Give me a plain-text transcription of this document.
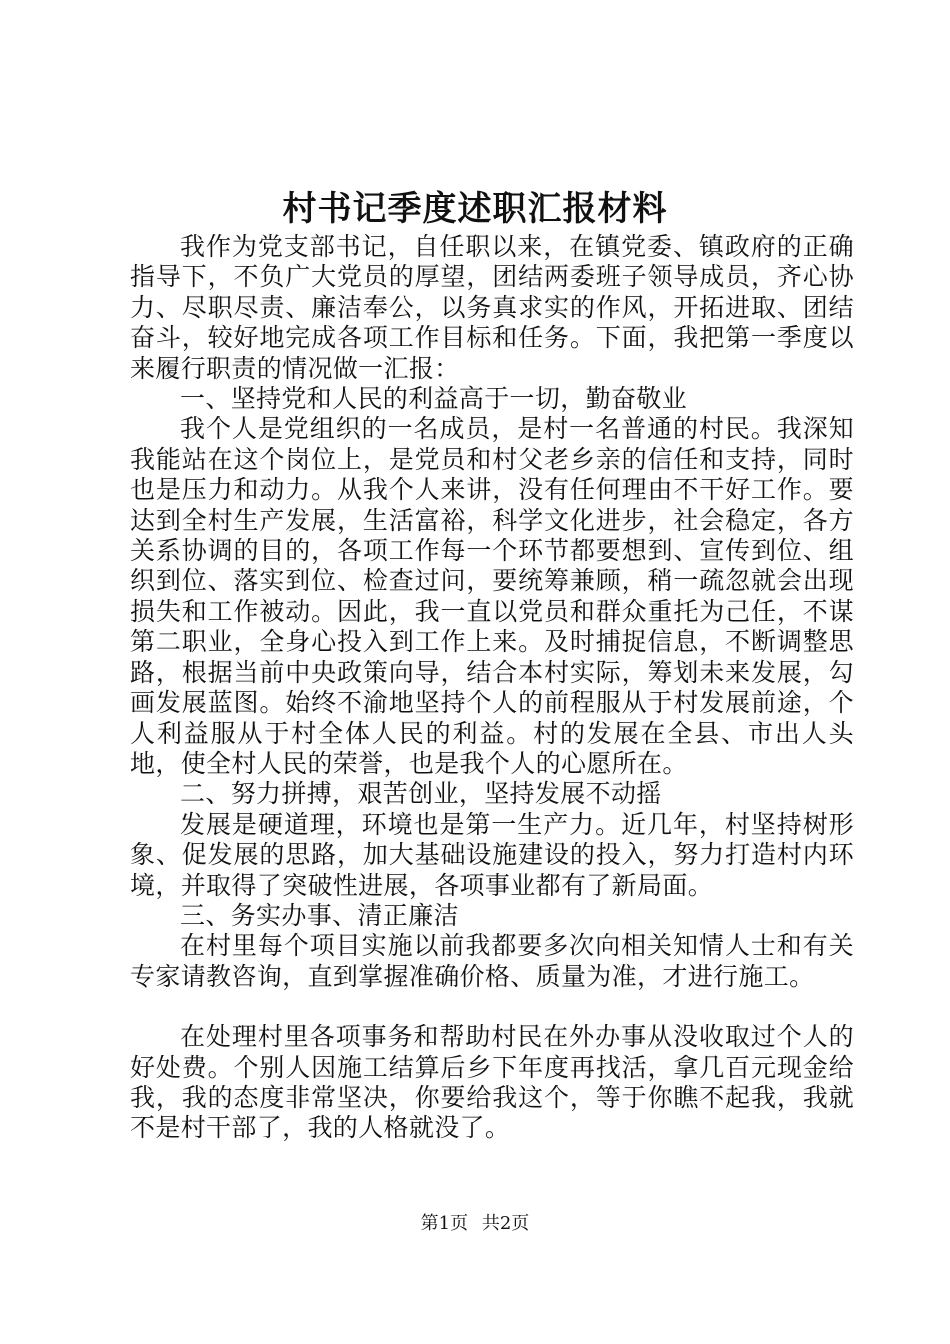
村书记季度述职汇报材料

我作为党支部书记，自任职以来，在镇党委、镇政府的正确指导下，不负广大党员的厚望，团结两委班子领导成员，齐心协力、尽职尽责、廉洁奉公，以务真求实的作风，开拓进取、团结奋斗，较好地完成各项工作目标和任务。下面，我把第一季度以来履行职责的情况做一汇报：

一、坚持党和人民的利益高于一切，勤奋敬业

我个人是党组织的一名成员，是村一名普通的村民。我深知我能站在这个岗位上，是党员和村父老乡亲的信任和支持，同时也是压力和动力。从我个人来讲，没有任何理由不干好工作。要达到全村生产发展，生活富裕，科学文化进步，社会稳定，各方关系协调的目的，各项工作每一个环节都要想到、宣传到位、组织到位、落实到位、检查过问，要统筹兼顾，稍一疏忽就会出现损失和工作被动。因此，我一直以党员和群众重托为己任，不谋第二职业，全身心投入到工作上来。及时捕捉信息，不断调整思路，根据当前中央政策向导，结合本村实际，筹划未来发展，勾画发展蓝图。始终不渝地坚持个人的前程服从于村发展前途，个人利益服从于村全体人民的利益。村的发展在全县、市出人头地，使全村人民的荣誉，也是我个人的心愿所在。

二、努力拼搏，艰苦创业，坚持发展不动摇

发展是硬道理，环境也是第一生产力。近几年，村坚持树形象、促发展的思路，加大基础设施建设的投入，努力打造村内环境，并取得了突破性进展，各项事业都有了新局面。

三、务实办事、清正廉洁

在村里每个项目实施以前我都要多次向相关知情人士和有关专家请教咨询，直到掌握准确价格、质量为准，才进行施工。

在处理村里各项事务和帮助村民在外办事从没收取过个人的好处费。个别人因施工结算后乡下年度再找活，拿几百元现金给我，我的态度非常坚决，你要给我这个，等于你瞧不起我，我就不是村干部了，我的人格就没了。

第1页 共2页
